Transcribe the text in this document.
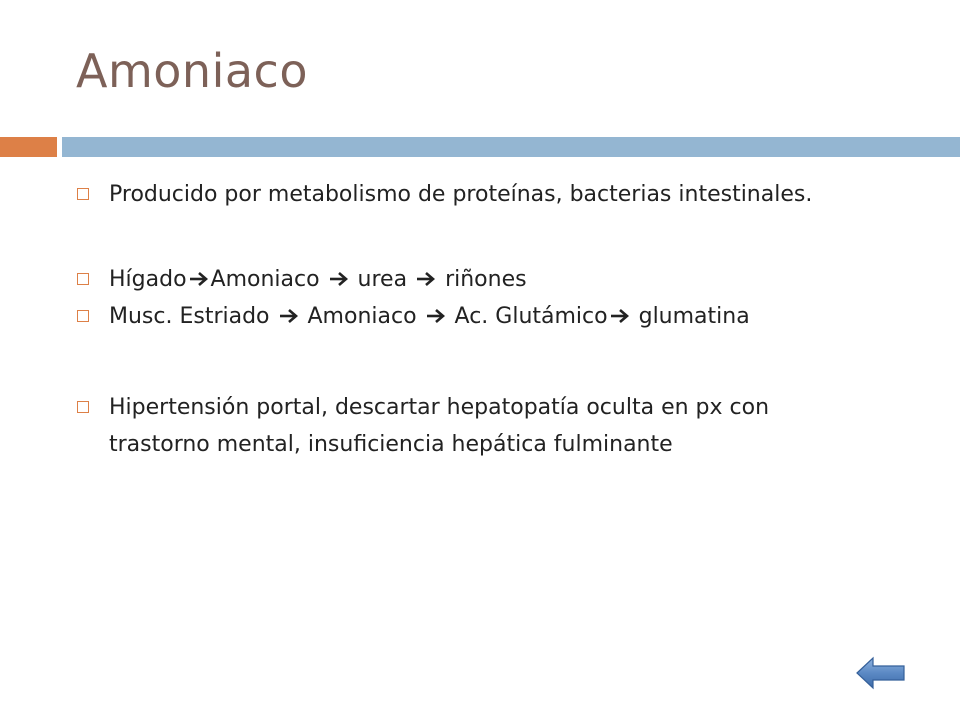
Amoniaco
Producido por metabolismo de proteínas, bacterias intestinales.
Hígado Amoniaco
urea
riñones
Musc. Estriado
Amoniaco
Ac. Glutámico
glumatina
Hipertensión portal, descartar hepatopatía oculta en px con trastorno mental, insuficiencia hepática fulminante
